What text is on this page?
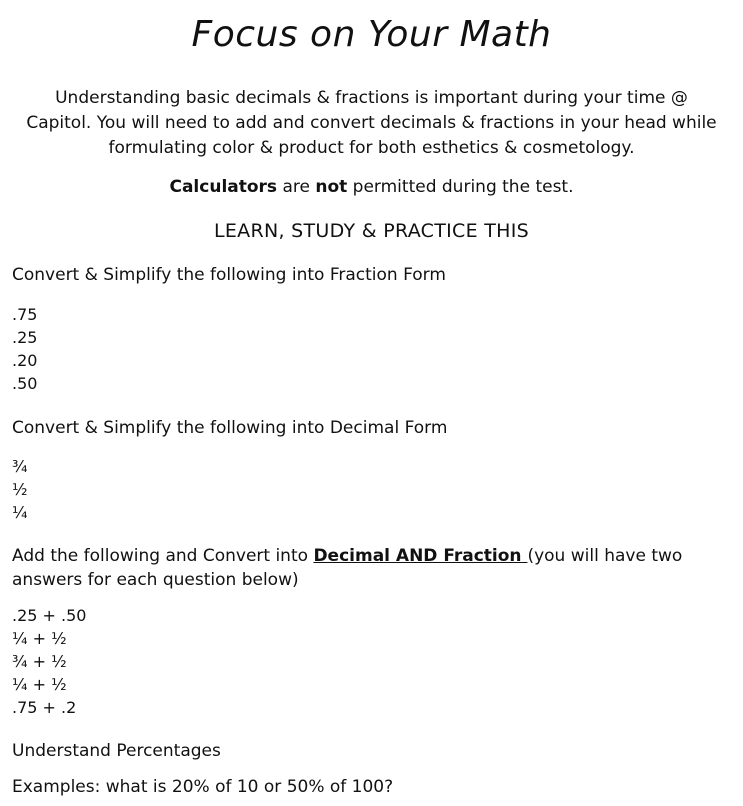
Focus on Your Math

Understanding basic decimals & fractions is important during your time @ Capitol. You will need to add and convert decimals & fractions in your head while formulating color & product for both esthetics & cosmetology.

Calculators are not permitted during the test.

LEARN, STUDY & PRACTICE THIS

Convert & Simplify the following into Fraction Form

.75
.25
.20
.50

Convert & Simplify the following into Decimal Form

¾
½
¼

Add the following and Convert into Decimal AND Fraction (you will have two answers for each question below)

.25 + .50
¼ + ½
¾ + ½
¼ + ½
.75 + .2

Understand Percentages

Examples: what is 20% of 10 or 50% of 100?
